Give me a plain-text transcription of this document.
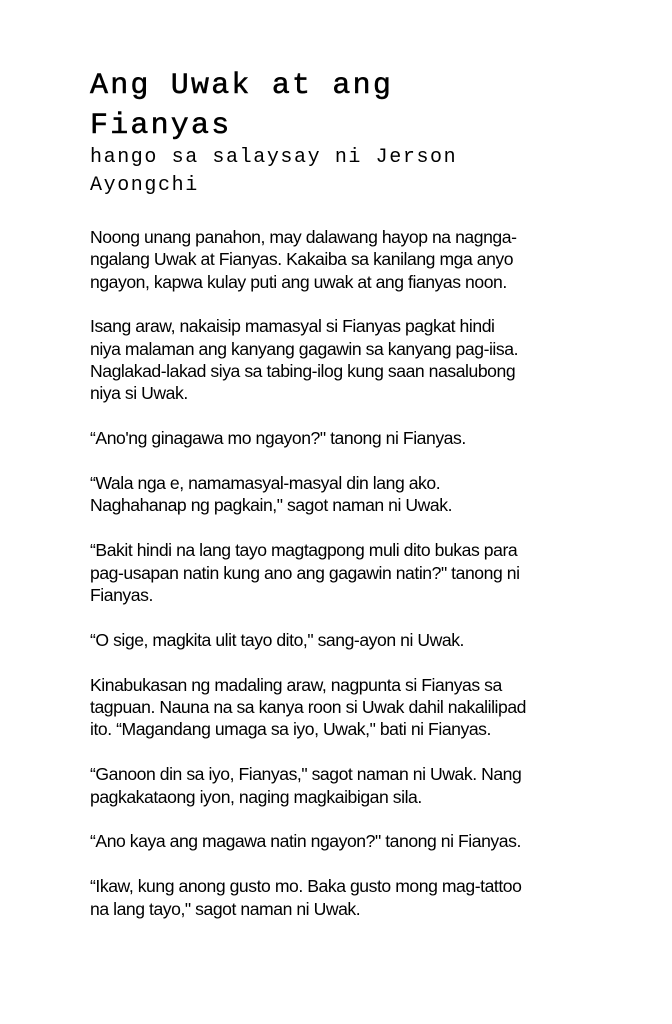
Ang Uwak at ang
Fianyas
hango sa salaysay ni Jerson
Ayongchi

Noong unang panahon, may dalawang hayop na nagnga-
ngalang Uwak at Fianyas. Kakaiba sa kanilang mga anyo
ngayon, kapwa kulay puti ang uwak at ang fianyas noon.

Isang araw, nakaisip mamasyal si Fianyas pagkat hindi
niya malaman ang kanyang gagawin sa kanyang pag-iisa.
Naglakad-lakad siya sa tabing-ilog kung saan nasalubong
niya si Uwak.

“Ano'ng ginagawa mo ngayon?" tanong ni Fianyas.

“Wala nga e, namamasyal-masyal din lang ako.
Naghahanap ng pagkain," sagot naman ni Uwak.

“Bakit hindi na lang tayo magtagpong muli dito bukas para
pag-usapan natin kung ano ang gagawin natin?" tanong ni
Fianyas.

“O sige, magkita ulit tayo dito," sang-ayon ni Uwak.

Kinabukasan ng madaling araw, nagpunta si Fianyas sa
tagpuan. Nauna na sa kanya roon si Uwak dahil nakalilipad
ito. “Magandang umaga sa iyo, Uwak," bati ni Fianyas.

“Ganoon din sa iyo, Fianyas," sagot naman ni Uwak. Nang
pagkakataong iyon, naging magkaibigan sila.

“Ano kaya ang magawa natin ngayon?" tanong ni Fianyas.

“Ikaw, kung anong gusto mo. Baka gusto mong mag-tattoo
na lang tayo," sagot naman ni Uwak.
